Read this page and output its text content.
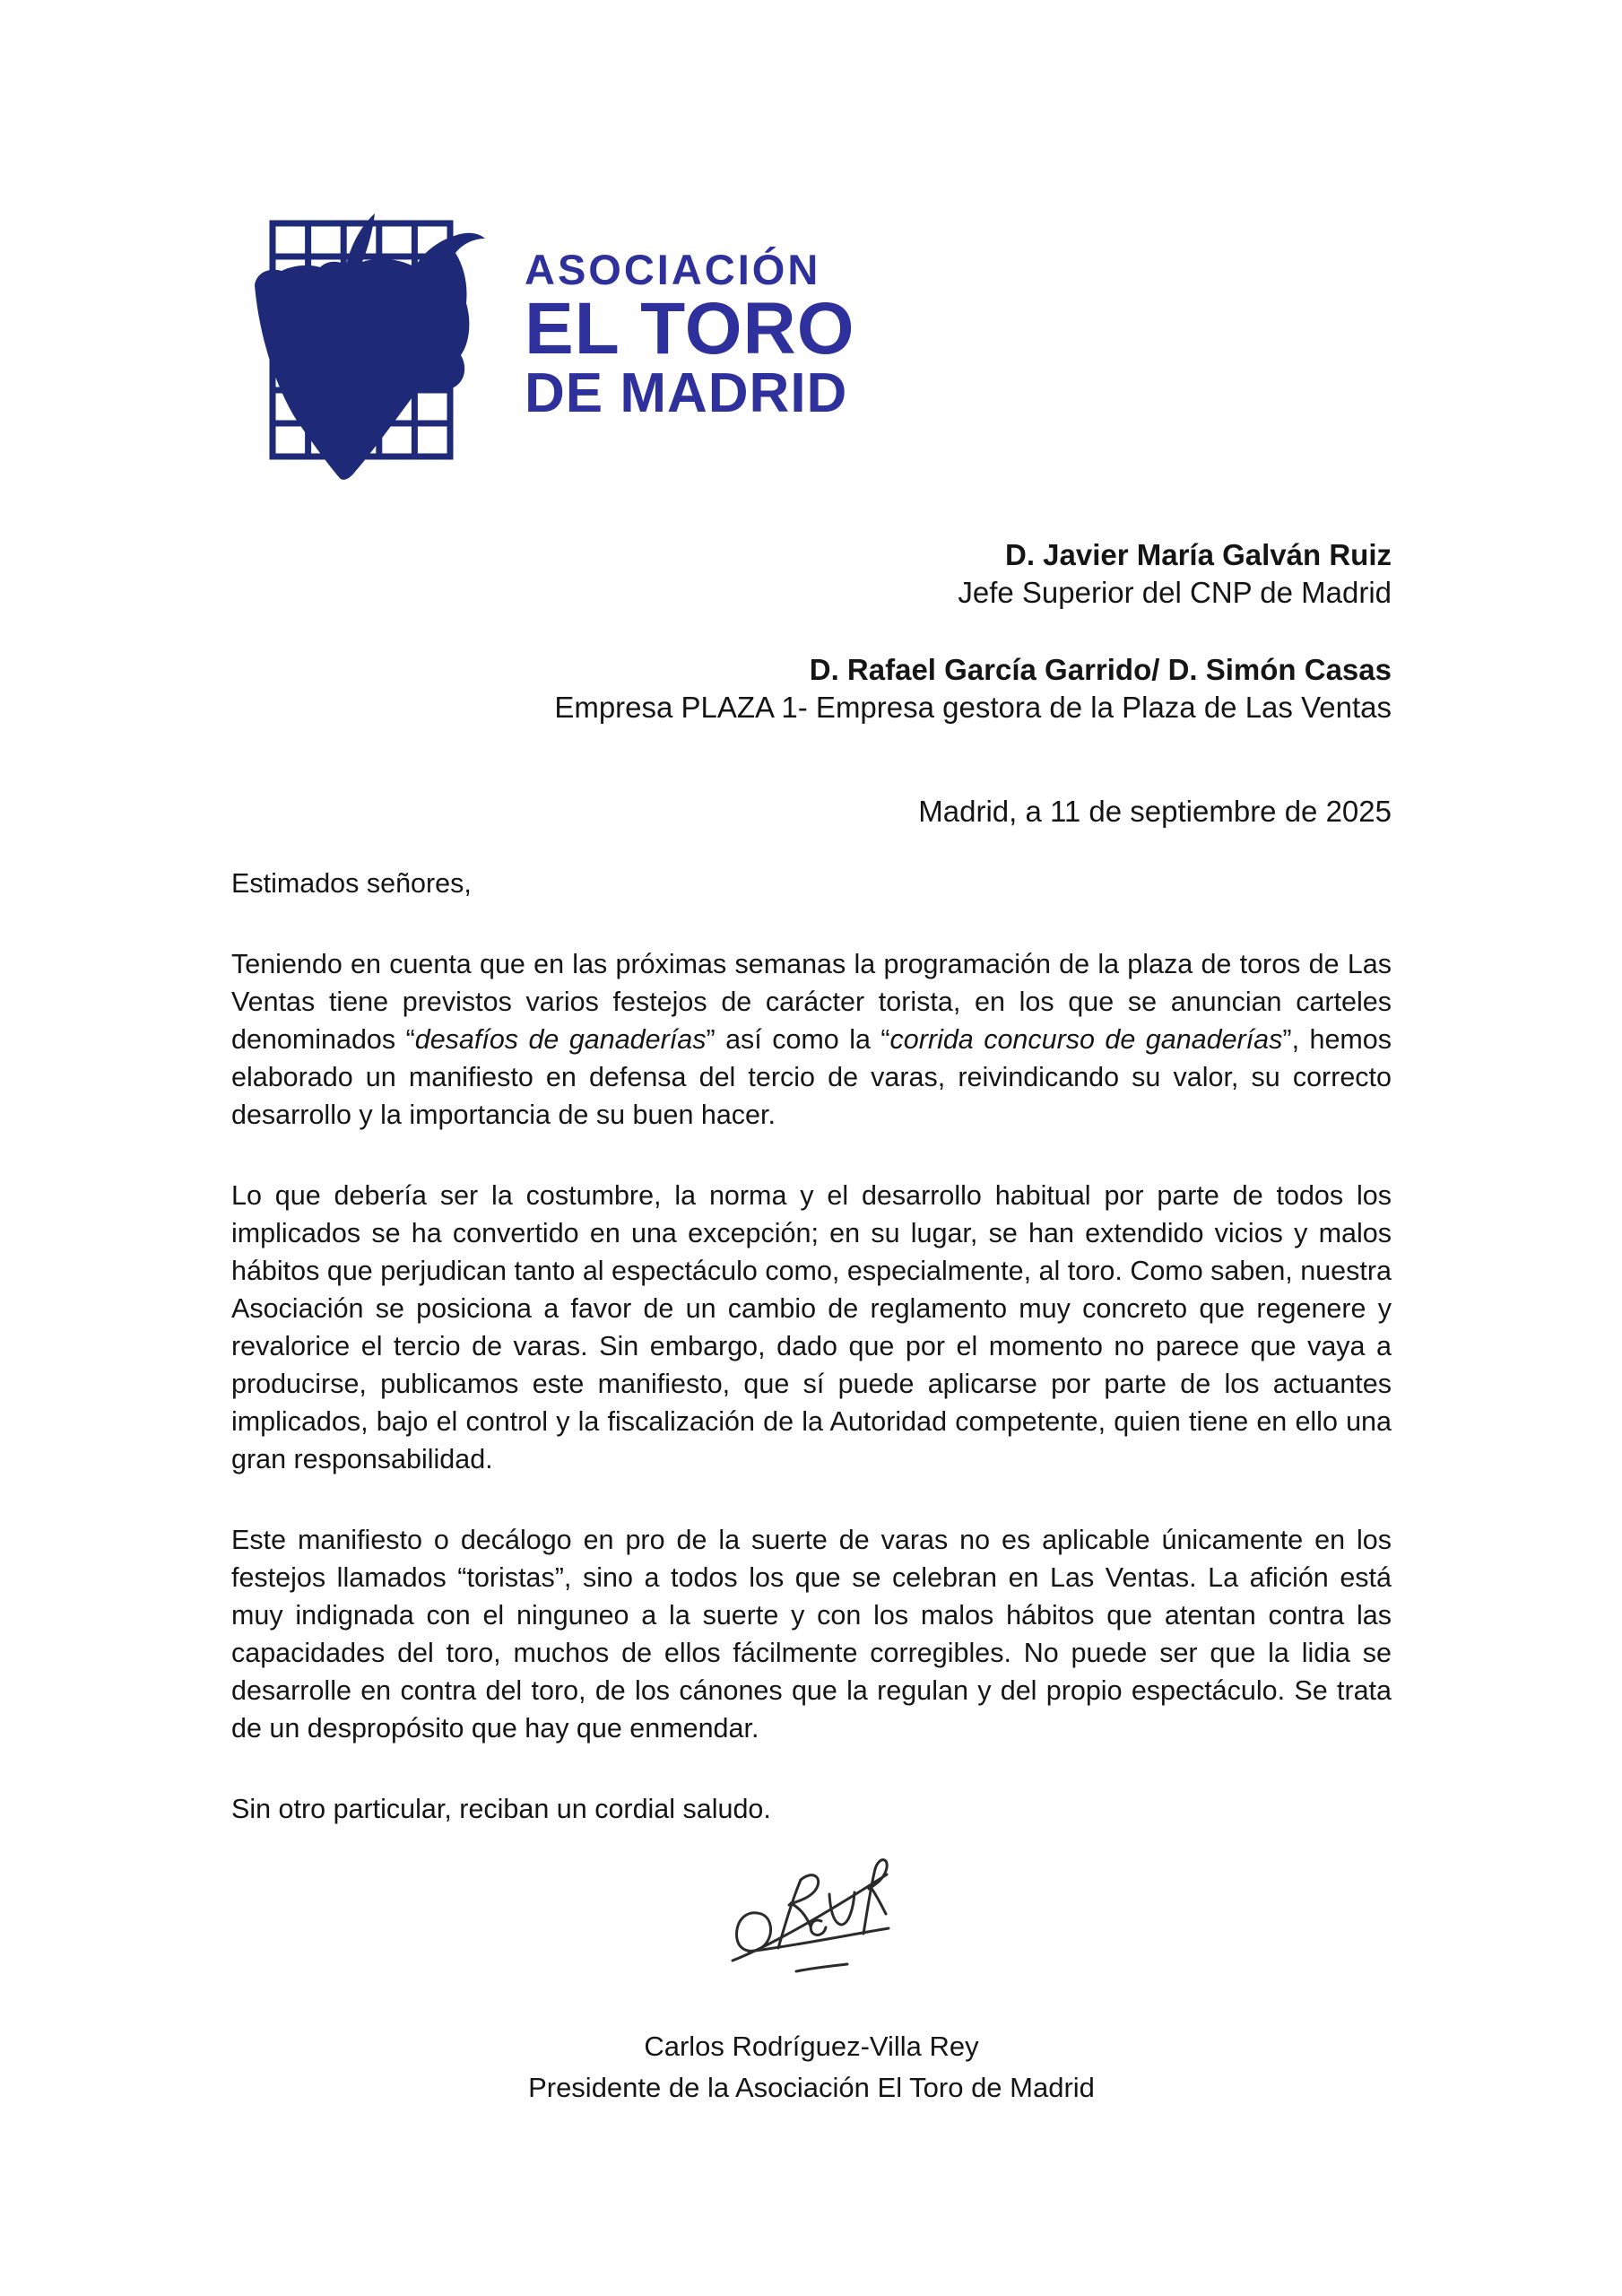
ASOCIACIÓN
EL TORO
DE MADRID

D. Javier María Galván Ruiz

Jefe Superior del CNP de Madrid

D. Rafael García Garrido/ D. Simón Casas

Empresa PLAZA 1- Empresa gestora de la Plaza de Las Ventas

Madrid, a 11 de septiembre de 2025

Estimados señores,

Teniendo en cuenta que en las próximas semanas la programación de la plaza de toros de Las Ventas tiene previstos varios festejos de carácter torista, en los que se anuncian carteles denominados “desafíos de ganaderías” así como la “corrida concurso de ganaderías”, hemos elaborado un manifiesto en defensa del tercio de varas, reivindicando su valor, su correcto desarrollo y la importancia de su buen hacer.

Lo que debería ser la costumbre, la norma y el desarrollo habitual por parte de todos los implicados se ha convertido en una excepción; en su lugar, se han extendido vicios y malos hábitos que perjudican tanto al espectáculo como, especialmente, al toro. Como saben, nuestra Asociación se posiciona a favor de un cambio de reglamento muy concreto que regenere y revalorice el tercio de varas. Sin embargo, dado que por el momento no parece que vaya a producirse, publicamos este manifiesto, que sí puede aplicarse por parte de los actuantes implicados, bajo el control y la fiscalización de la Autoridad competente, quien tiene en ello una gran responsabilidad.

Este manifiesto o decálogo en pro de la suerte de varas no es aplicable únicamente en los festejos llamados “toristas”, sino a todos los que se celebran en Las Ventas. La afición está muy indignada con el ninguneo a la suerte y con los malos hábitos que atentan contra las capacidades del toro, muchos de ellos fácilmente corregibles. No puede ser que la lidia se desarrolle en contra del toro, de los cánones que la regulan y del propio espectáculo. Se trata de un despropósito que hay que enmendar.

Sin otro particular, reciban un cordial saludo.

Carlos Rodríguez-Villa Rey

Presidente de la Asociación El Toro de Madrid
